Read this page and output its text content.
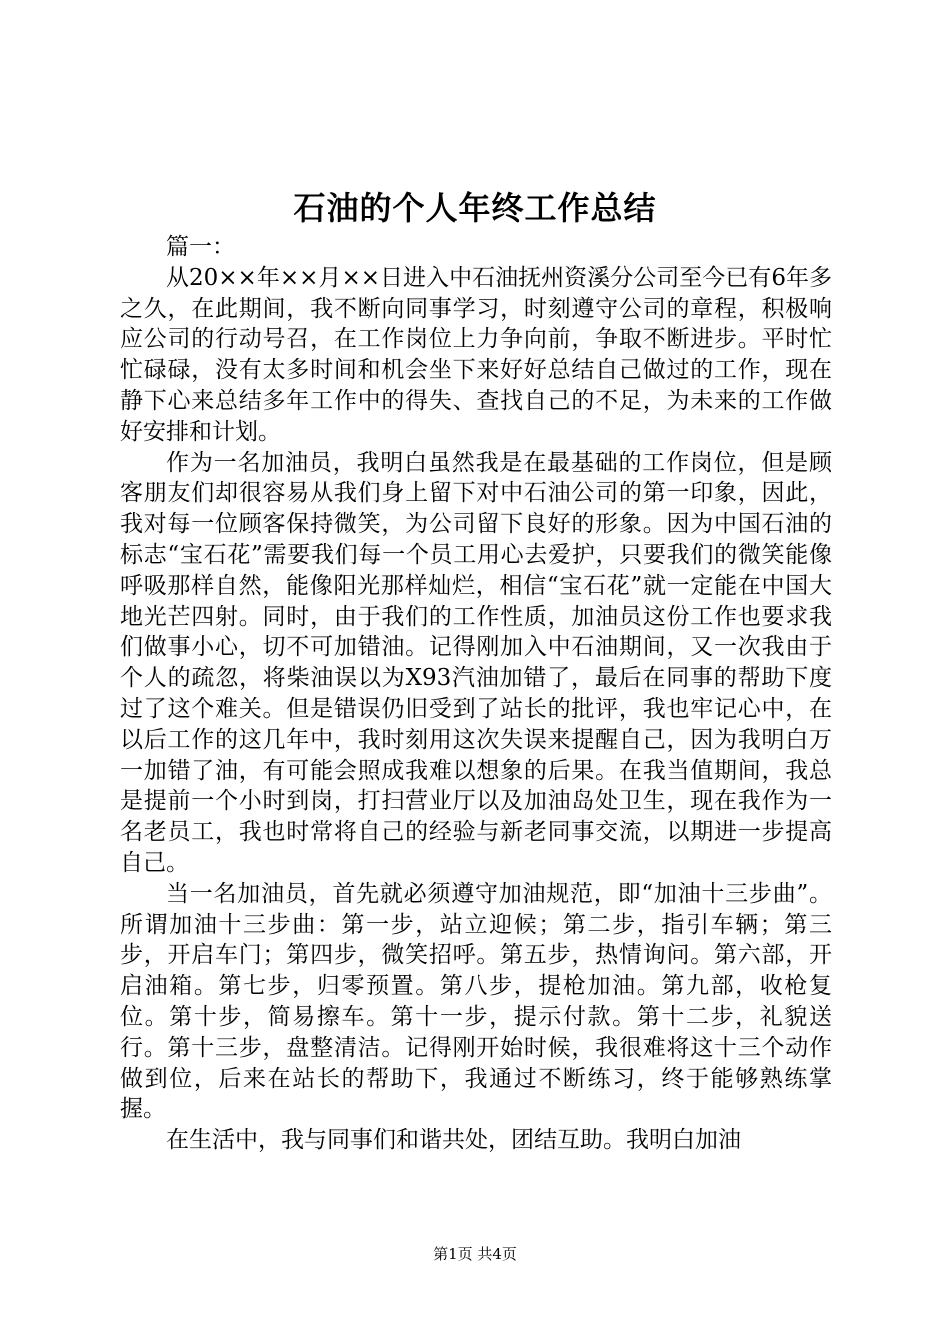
石油的个人年终工作总结

篇一：

从20××年××月××日进入中石油抚州资溪分公司至今已有6年多之久，在此期间，我不断向同事学习，时刻遵守公司的章程，积极响应公司的行动号召，在工作岗位上力争向前，争取不断进步。平时忙忙碌碌，没有太多时间和机会坐下来好好总结自己做过的工作，现在静下心来总结多年工作中的得失、查找自己的不足，为未来的工作做好安排和计划。

作为一名加油员，我明白虽然我是在最基础的工作岗位，但是顾客朋友们却很容易从我们身上留下对中石油公司的第一印象，因此，我对每一位顾客保持微笑，为公司留下良好的形象。因为中国石油的标志“宝石花”需要我们每一个员工用心去爱护，只要我们的微笑能像呼吸那样自然，能像阳光那样灿烂，相信“宝石花”就一定能在中国大地光芒四射。同时，由于我们的工作性质，加油员这份工作也要求我们做事小心，切不可加错油。记得刚加入中石油期间，又一次我由于个人的疏忽，将柴油误以为X93汽油加错了，最后在同事的帮助下度过了这个难关。但是错误仍旧受到了站长的批评，我也牢记心中，在以后工作的这几年中，我时刻用这次失误来提醒自己，因为我明白万一加错了油，有可能会照成我难以想象的后果。在我当值期间，我总是提前一个小时到岗，打扫营业厅以及加油岛处卫生，现在我作为一名老员工，我也时常将自己的经验与新老同事交流，以期进一步提高自己。

当一名加油员，首先就必须遵守加油规范，即“加油十三步曲”。所谓加油十三步曲：第一步，站立迎候；第二步，指引车辆；第三步，开启车门；第四步，微笑招呼。第五步，热情询问。第六部，开启油箱。第七步，归零预置。第八步，提枪加油。第九部，收枪复位。第十步，简易擦车。第十一步，提示付款。第十二步，礼貌送行。第十三步，盘整清洁。记得刚开始时候，我很难将这十三个动作做到位，后来在站长的帮助下，我通过不断练习，终于能够熟练掌握。

在生活中，我与同事们和谐共处，团结互助。我明白加油

第1页 共4页
